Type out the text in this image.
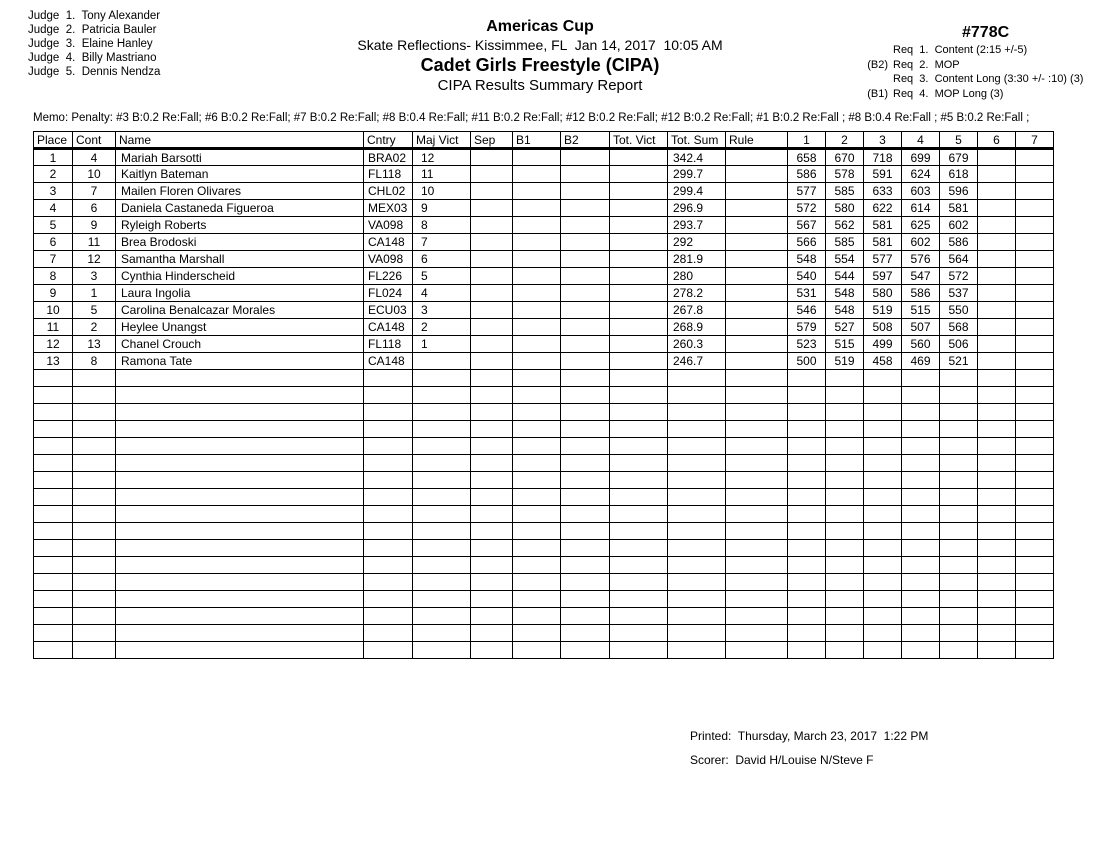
Judge  1.  Tony Alexander
Judge  2.  Patricia Bauler
Judge  3.  Elaine Hanley
Judge  4.  Billy Mastriano
Judge  5.  Dennis Nendza
Americas Cup
Skate Reflections- Kissimmee, FL  Jan 14, 2017  10:05 AM
Cadet Girls Freestyle (CIPA)
CIPA Results Summary Report
#778C
Req  1.  Content (2:15 +/-5)
(B2) Req  2.  MOP
Req  3.  Content Long (3:30 +/- :10) (3)
(B1) Req  4.  MOP Long (3)
Memo: Penalty: #3 B:0.2 Re:Fall; #6 B:0.2 Re:Fall; #7 B:0.2 Re:Fall; #8 B:0.4 Re:Fall; #11 B:0.2 Re:Fall; #12 B:0.2 Re:Fall; #12 B:0.2 Re:Fall; #1 B:0.2 Re:Fall ; #8 B:0.4 Re:Fall ; #5 B:0.2 Re:Fall ;
Place	Cont	Name	Cntry	Maj Vict	Sep	B1	B2	Tot. Vict	Tot. Sum	Rule	1	2	3	4	5	6	7
1	4	Mariah Barsotti	BRA02	12					342.4		658	670	718	699	679		
2	10	Kaitlyn Bateman	FL118	11					299.7		586	578	591	624	618		
3	7	Mailen Floren Olivares	CHL02	10					299.4		577	585	633	603	596		
4	6	Daniela Castaneda Figueroa	MEX03	9					296.9		572	580	622	614	581		
5	9	Ryleigh Roberts	VA098	8					293.7		567	562	581	625	602		
6	11	Brea Brodoski	CA148	7					292		566	585	581	602	586		
7	12	Samantha Marshall	VA098	6					281.9		548	554	577	576	564		
8	3	Cynthia Hinderscheid	FL226	5					280		540	544	597	547	572		
9	1	Laura Ingolia	FL024	4					278.2		531	548	580	586	537		
10	5	Carolina Benalcazar Morales	ECU03	3					267.8		546	548	519	515	550		
11	2	Heylee Unangst	CA148	2					268.9		579	527	508	507	568		
12	13	Chanel Crouch	FL118	1					260.3		523	515	499	560	506		
13	8	Ramona Tate	CA148						246.7		500	519	458	469	521		

Printed:  Thursday, March 23, 2017  1:22 PM
Scorer:  David H/Louise N/Steve F
